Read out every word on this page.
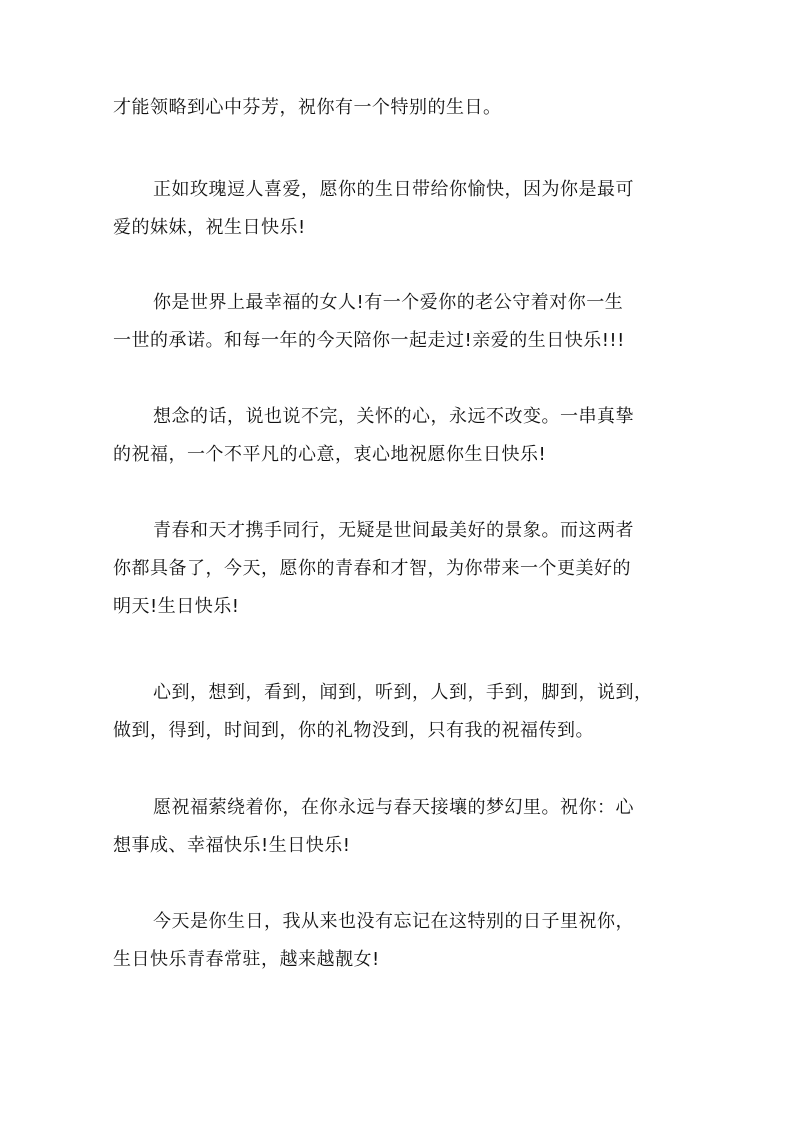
才能领略到心中芬芳，祝你有一个特别的生日。
正如玫瑰逗人喜爱，愿你的生日带给你愉快，因为你是最可
爱的妹妹，祝生日快乐!
你是世界上最幸福的女人!有一个爱你的老公守着对你一生
一世的承诺。和每一年的今天陪你一起走过!亲爱的生日快乐!!!
想念的话，说也说不完，关怀的心，永远不改变。一串真挚
的祝福，一个不平凡的心意，衷心地祝愿你生日快乐!
青春和天才携手同行，无疑是世间最美好的景象。而这两者
你都具备了，今天，愿你的青春和才智，为你带来一个更美好的
明天!生日快乐!
心到，想到，看到，闻到，听到，人到，手到，脚到，说到，
做到，得到，时间到，你的礼物没到，只有我的祝福传到。
愿祝福萦绕着你，在你永远与春天接壤的梦幻里。祝你：心
想事成、幸福快乐!生日快乐!
今天是你生日，我从来也没有忘记在这特别的日子里祝你，
生日快乐青春常驻，越来越靓女!
